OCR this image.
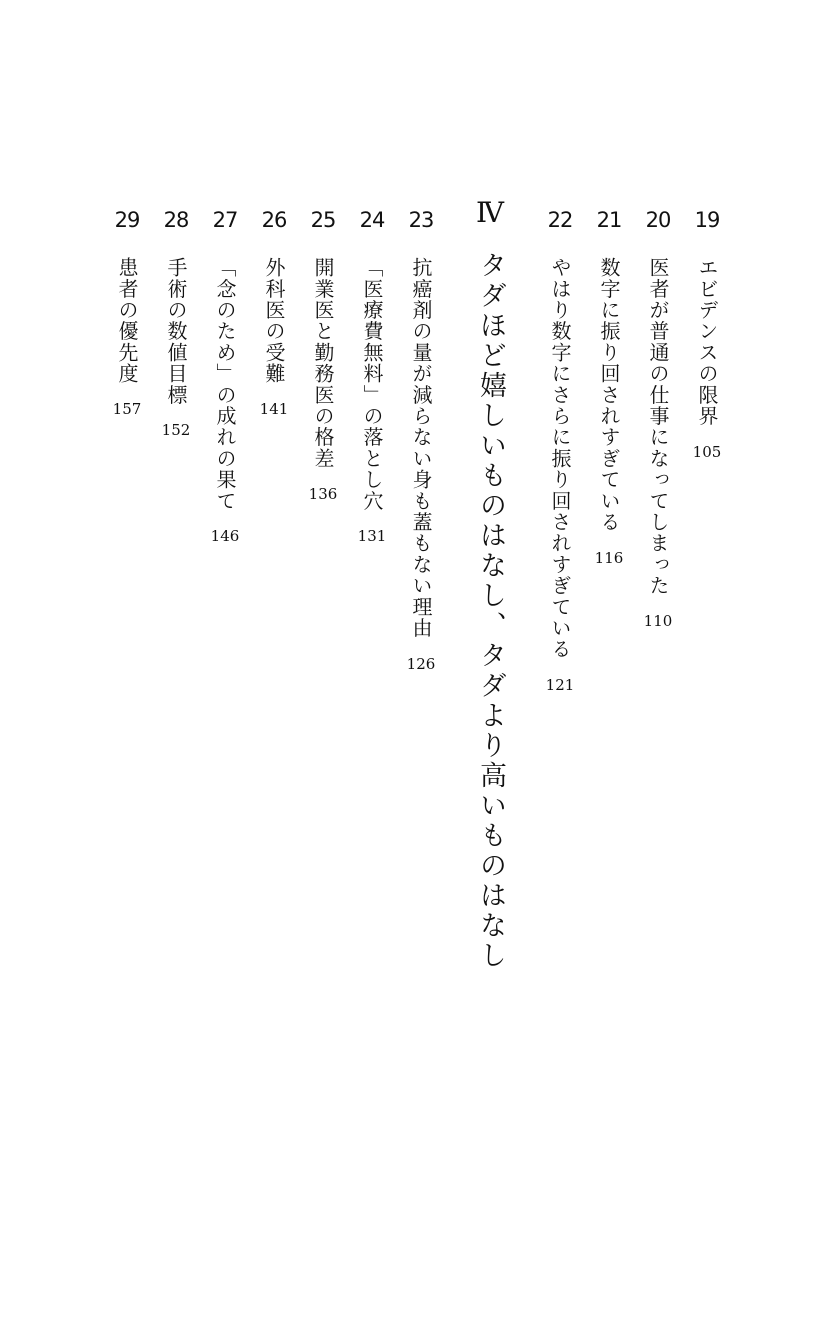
19
エビデンスの限界
105
20
医者が普通の仕事になってしまった
110
21
数字に振り回されすぎている
116
22
やはり数字にさらに振り回されすぎている
121
Ⅳ
タダほど嬉しいものはなし、タダより高いものはなし
23
抗癌剤の量が減らない身も蓋もない理由
126
24
「医療費無料」の落とし穴
131
25
開業医と勤務医の格差
136
26
外科医の受難
141
27
「念のため」の成れの果て
146
28
手術の数値目標
152
29
患者の優先度
157
